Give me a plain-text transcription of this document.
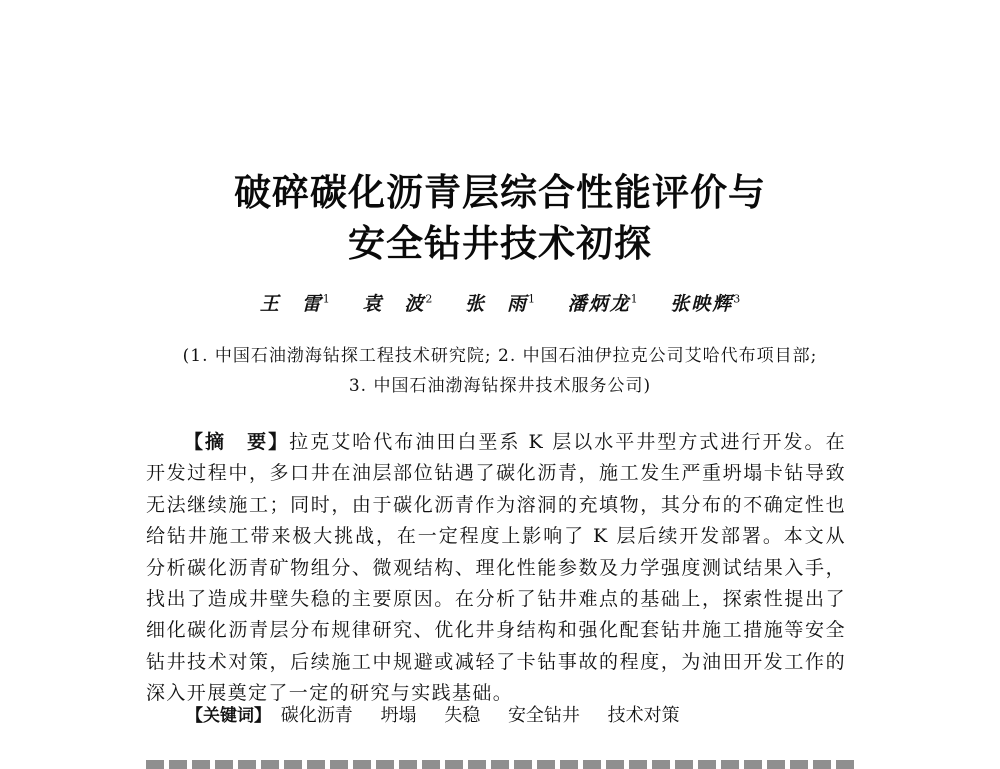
破碎碳化沥青层综合性能评价与
安全钻井技术初探
王　雷$^1$ 袁　波$^2$ 张　雨$^1$ 潘炳龙$^1$ 张映辉$^3$
(1. 中国石油渤海钻探工程技术研究院; 2. 中国石油伊拉克公司艾哈代布项目部;
3. 中国石油渤海钻探井技术服务公司)

【摘　要】拉克艾哈代布油田白垩系 K 层以水平井型方式进行开发。在开发过程中，多口井在油层部位钻遇了碳化沥青，施工发生严重坍塌卡钻导致无法继续施工；同时，由于碳化沥青作为溶洞的充填物，其分布的不确定性也给钻井施工带来极大挑战，在一定程度上影响了 K 层后续开发部署。本文从分析碳化沥青矿物组分、微观结构、理化性能参数及力学强度测试结果入手，找出了造成井壁失稳的主要原因。在分析了钻井难点的基础上，探索性提出了细化碳化沥青层分布规律研究、优化井身结构和强化配套钻井施工措施等安全钻井技术对策，后续施工中规避或减轻了卡钻事故的程度，为油田开发工作的深入开展奠定了一定的研究与实践基础。

【关键词】 碳化沥青 坍塌 失稳 安全钻井 技术对策
